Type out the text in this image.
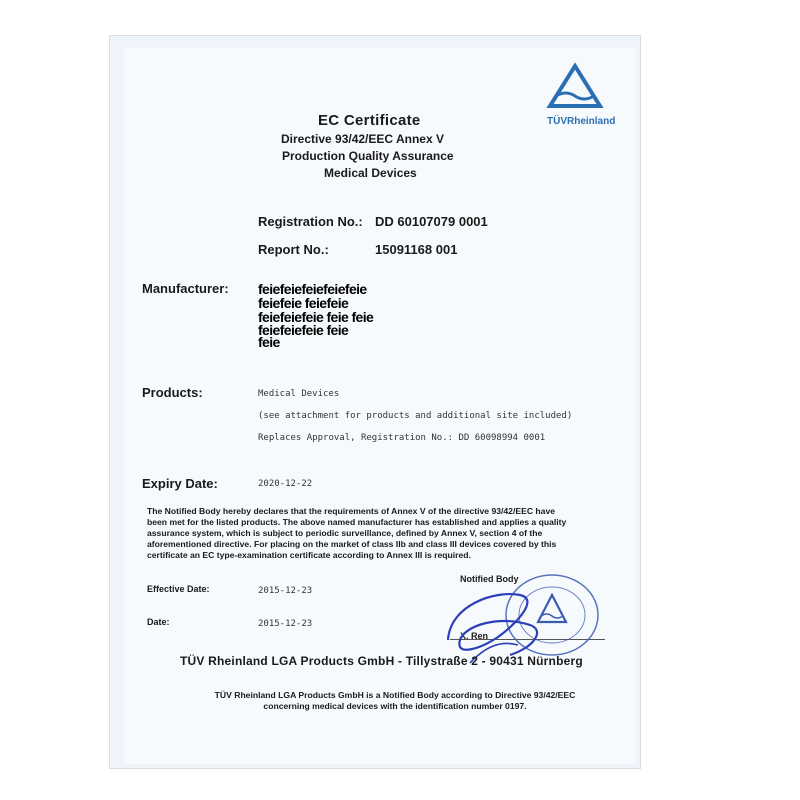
TÜVRheinland
EC Certificate
Directive 93/42/EEC Annex V
Production Quality Assurance
Medical Devices
Registration No.: DD 60107079 0001
Report No.:	15091168 001
Manufacturer: feiefeiefeiefeiefeie
feiefeie feiefeie
feiefeiefeie feie feie
feiefeiefeie feie
feie
Products:	Medical Devices
(see attachment for products and additional site included)
Replaces Approval, Registration No.: DD 60098994 0001
Expiry Date:	2020-12-22
The Notified Body hereby declares that the requirements of Annex V of the directive 93/42/EEC have
been met for the listed products. The above named manufacturer has established and applies a quality
assurance system, which is subject to periodic surveillance, defined by Annex V, section 4 of the
aforementioned directive. For placing on the market of class IIb and class III devices covered by this
certificate an EC type-examination certificate according to Annex III is required.
Effective Date:	2015-12-23
Date:	2015-12-23
Notified Body
X. Ren
TÜV Rheinland LGA Products GmbH - Tillystraße 2 - 90431 Nürnberg
TÜV Rheinland LGA Products GmbH is a Notified Body according to Directive 93/42/EEC
concerning medical devices with the identification number 0197.
